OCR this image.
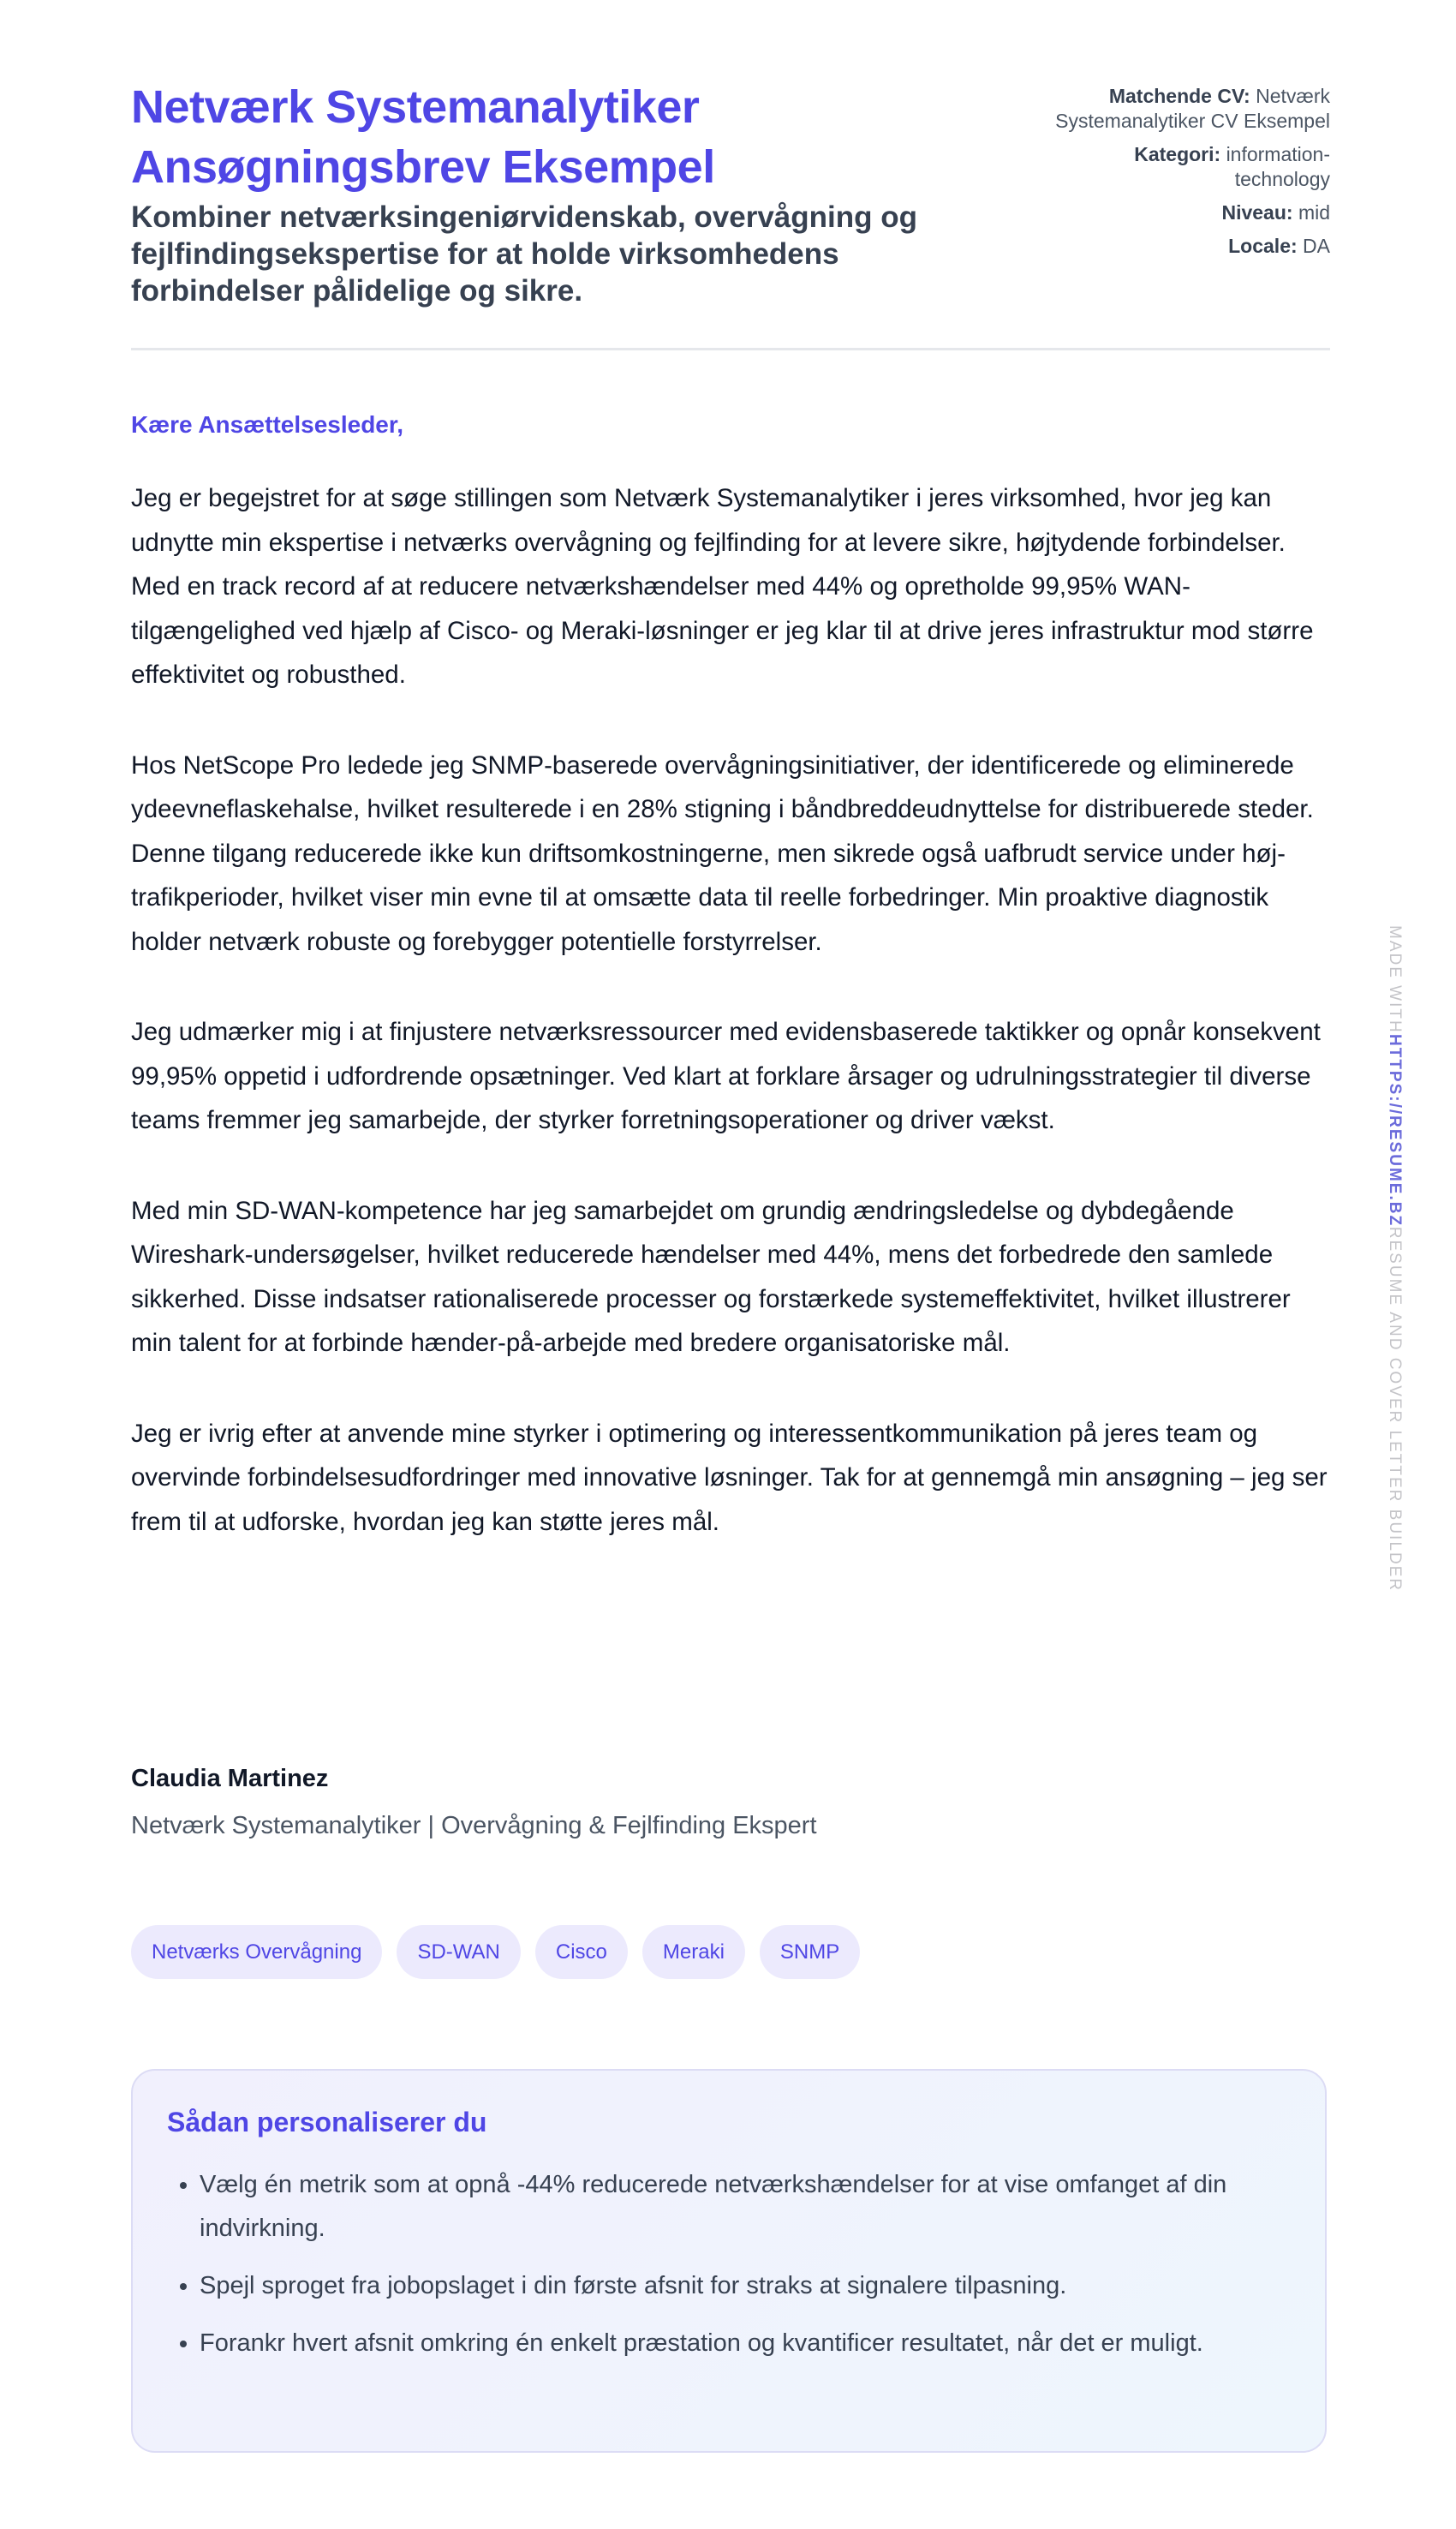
Netværk Systemanalytiker
Ansøgningsbrev Eksempel

Kombiner netværksingeniørvidenskab, overvågning og fejlfindingsekspertise for at holde virksomhedens forbindelser pålidelige og sikre.

Matchende CV: Netværk Systemanalytiker CV Eksempel
Kategori: information-technology
Niveau: mid
Locale: DA
Kære Ansættelsesleder,

Jeg er begejstret for at søge stillingen som Netværk Systemanalytiker i jeres virksomhed, hvor jeg kan udnytte min ekspertise i netværks overvågning og fejlfinding for at levere sikre, højtydende forbindelser. Med en track record af at reducere netværkshændelser med 44% og opretholde 99,95% WAN-tilgængelighed ved hjælp af Cisco- og Meraki-løsninger er jeg klar til at drive jeres infrastruktur mod større effektivitet og robusthed.

Hos NetScope Pro ledede jeg SNMP-baserede overvågningsinitiativer, der identificerede og eliminerede ydeevneflaskehalse, hvilket resulterede i en 28% stigning i båndbreddeudnyttelse for distribuerede steder. Denne tilgang reducerede ikke kun driftsomkostningerne, men sikrede også uafbrudt service under høj-trafikperioder, hvilket viser min evne til at omsætte data til reelle forbedringer. Min proaktive diagnostik holder netværk robuste og forebygger potentielle forstyrrelser.

Jeg udmærker mig i at finjustere netværksressourcer med evidensbaserede taktikker og opnår konsekvent 99,95% oppetid i udfordrende opsætninger. Ved klart at forklare årsager og udrulningsstrategier til diverse teams fremmer jeg samarbejde, der styrker forretningsoperationer og driver vækst.

Med min SD-WAN-kompetence har jeg samarbejdet om grundig ændringsledelse og dybdegående Wireshark-undersøgelser, hvilket reducerede hændelser med 44%, mens det forbedrede den samlede sikkerhed. Disse indsatser rationaliserede processer og forstærkede systemeffektivitet, hvilket illustrerer min talent for at forbinde hænder-på-arbejde med bredere organisatoriske mål.

Jeg er ivrig efter at anvende mine styrker i optimering og interessentkommunikation på jeres team og overvinde forbindelsesudfordringer med innovative løsninger. Tak for at gennemgå min ansøgning – jeg ser frem til at udforske, hvordan jeg kan støtte jeres mål.

Claudia Martinez
Netværk Systemanalytiker | Overvågning & Fejlfinding Ekspert
Netværks Overvågning	SD-WAN	Cisco	Meraki	SNMP
Sådan personaliserer du
• Vælg én metrik som at opnå -44% reducerede netværkshændelser for at vise omfanget af din indvirkning.
• Spejl sproget fra jobopslaget i din første afsnit for straks at signalere tilpasning.
• Forankr hvert afsnit omkring én enkelt præstation og kvantificer resultatet, når det er muligt.
MADE WITHHTTPS://RESUME.BZRESUME AND COVER LETTER BUILDER
